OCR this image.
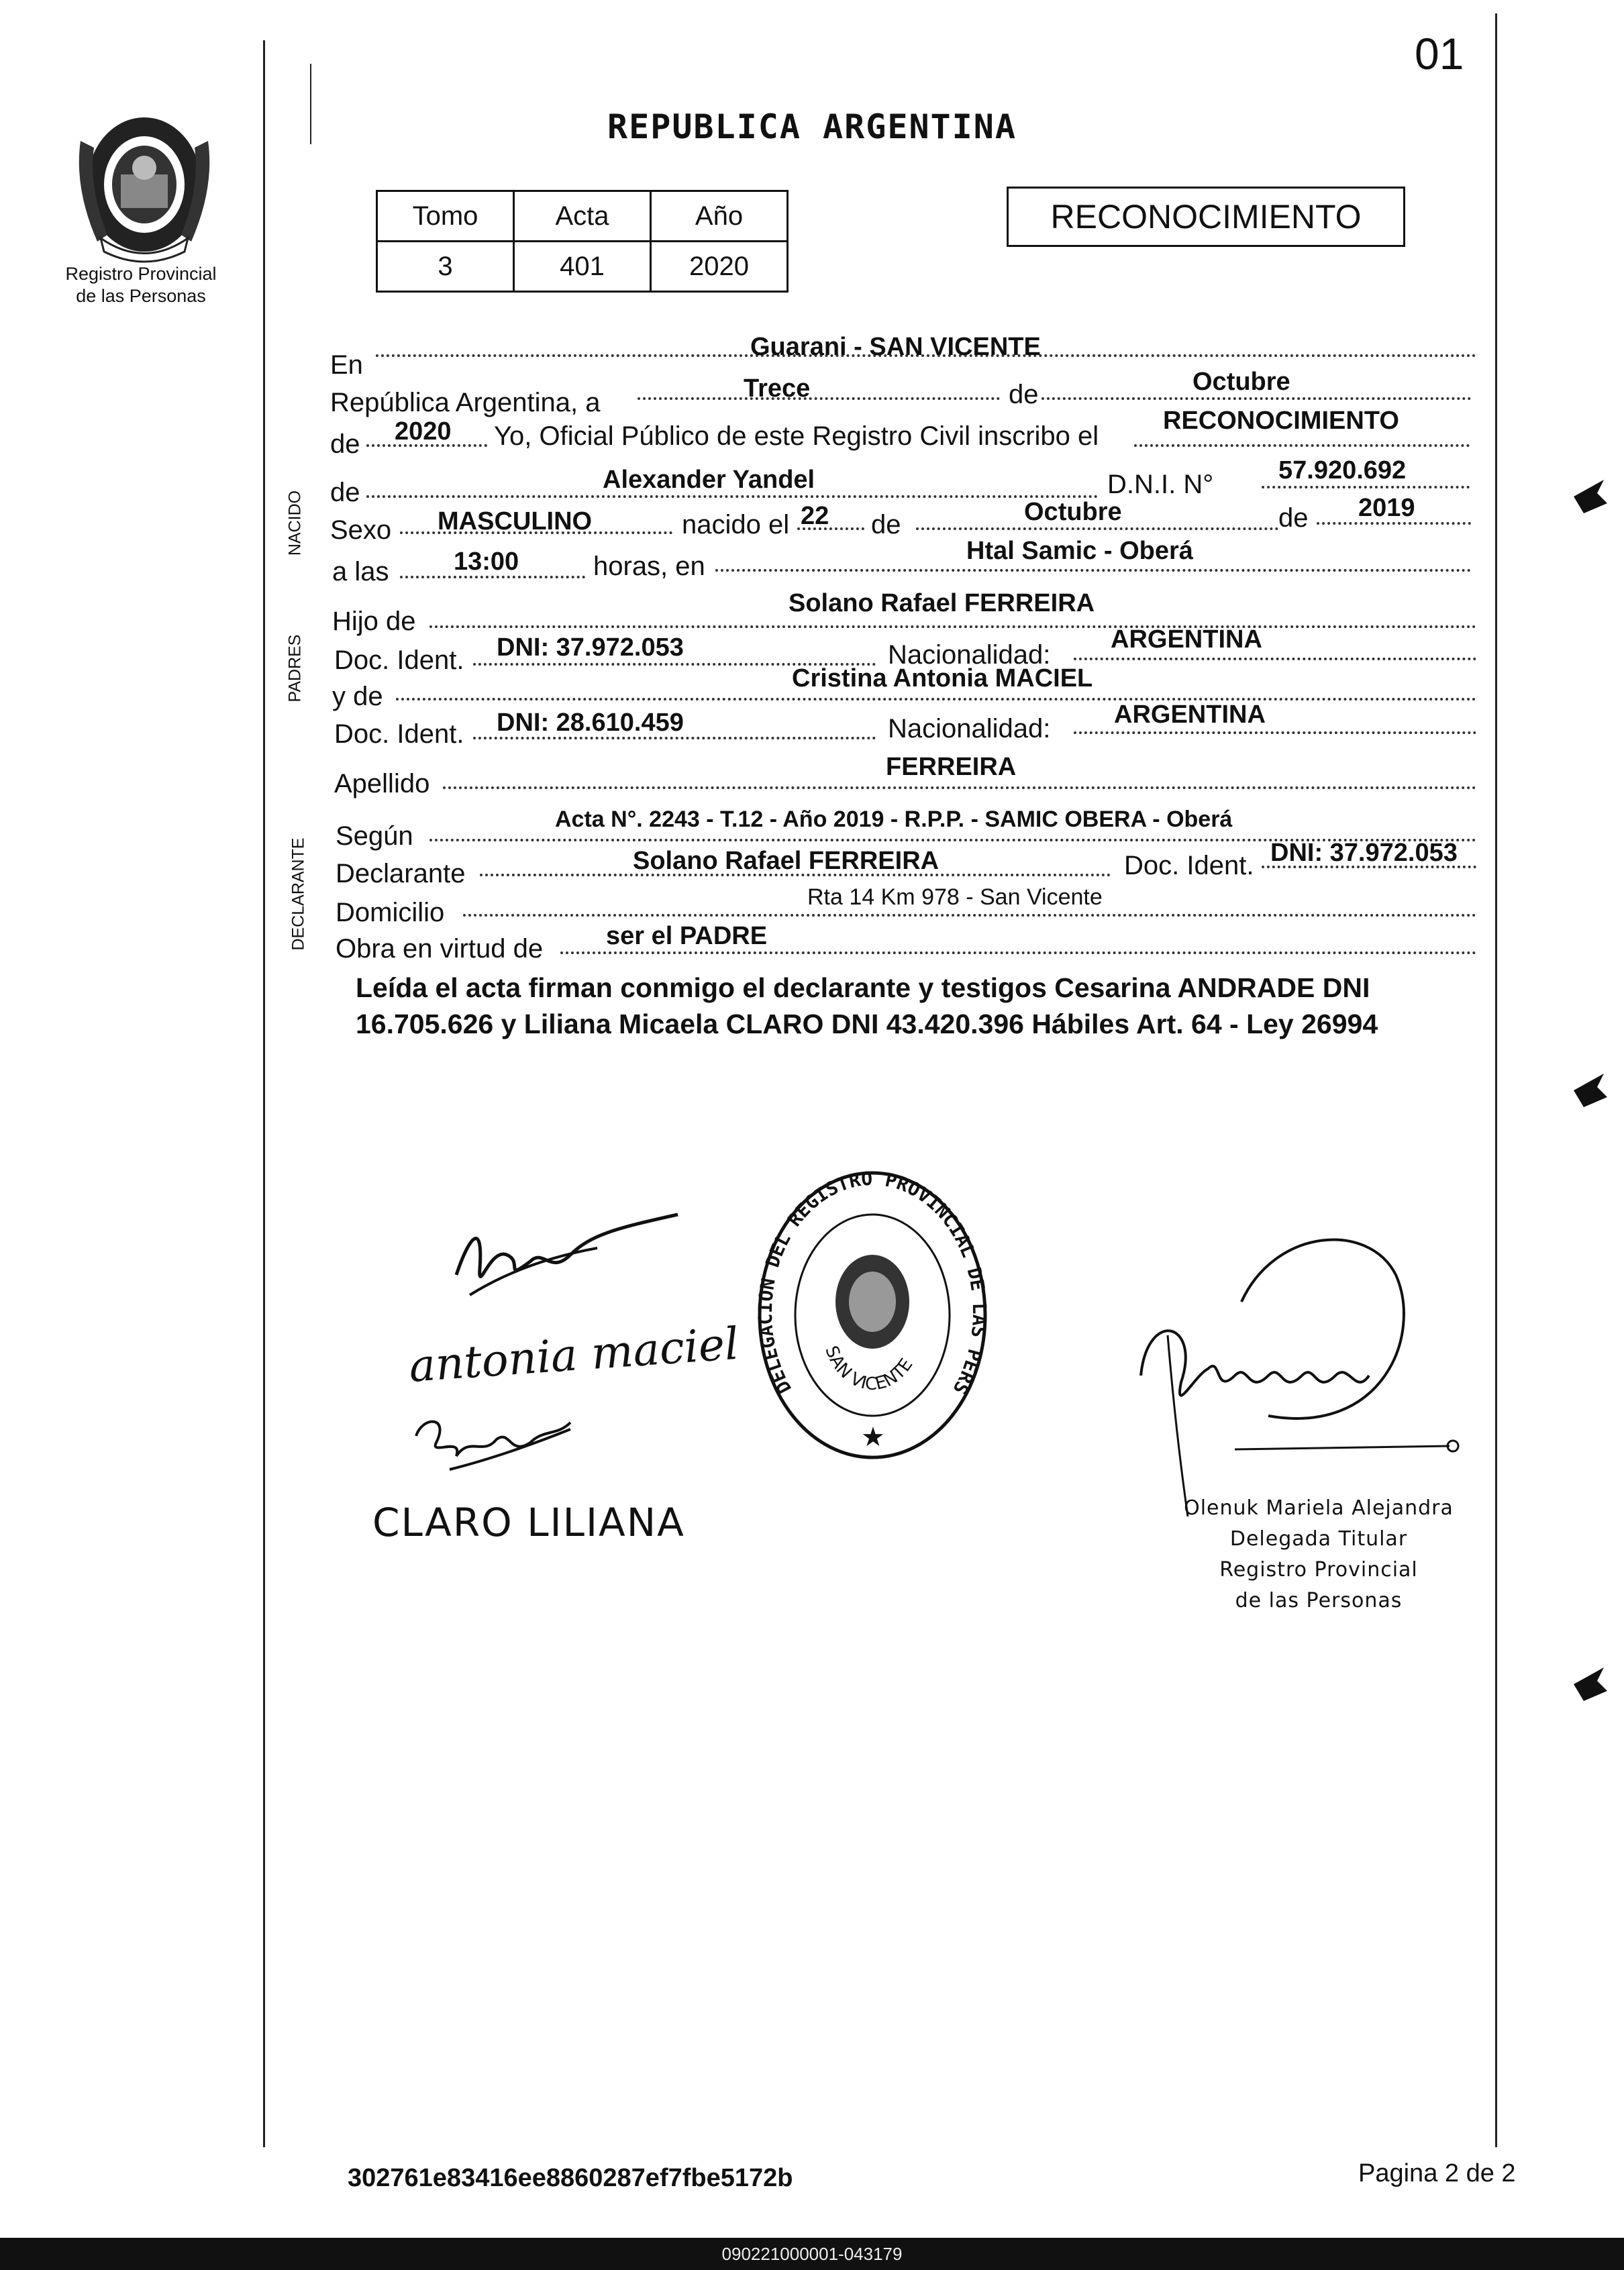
01
REPUBLICA ARGENTINA
Registro Provincial
de las Personas
Tomo	Acta	Año
3	401	2020
RECONOCIMIENTO
NACIDO
PADRES
DECLARANTE
En
Guarani - SAN VICENTE
República Argentina, a	Trece	de	Octubre
de 2020 Yo, Oficial Público de este Registro Civil inscribo el
RECONOCIMIENTO
de	Alexander Yandel	D.N.I. N°	57.920.692
Sexo MASCULINO	nacido el 22 de	Octubre	de 2019
a las	13:00	horas, en
Htal Samic - Oberá
Hijo de
Solano Rafael FERREIRA
Doc. Ident. DNI: 37.972.053	Nacionalidad:
ARGENTINA
y de
Cristina Antonia MACIEL
Doc. Ident. DNI: 28.610.459	Nacionalidad: ARGENTINA
Apellido
FERREIRA
Según
Acta N°. 2243 - T.12 - Año 2019 - R.P.P. - SAMIC OBERA - Oberá
Declarante	Solano Rafael FERREIRA	Doc. Ident. DNI: 37.972.053
Domicilio
Rta 14 Km 978 - San Vicente
Obra en virtud de ser el PADRE
Leída el acta firman conmigo el declarante y testigos Cesarina ANDRADE DNI 16.705.626 y Liliana Micaela CLARO DNI 43.420.396 Hábiles Art. 64 - Ley 26994
antonia maciel
CLARO LILIANA
DELEGACION DEL REGISTRO PROVINCIAL DE LAS PERSONAS
SAN VICENTE
★
Olenuk Mariela Alejandra
Delegada Titular
Registro Provincial
de las Personas
302761e83416ee8860287ef7fbe5172b	Pagina 2 de 2
090221000001-043179
